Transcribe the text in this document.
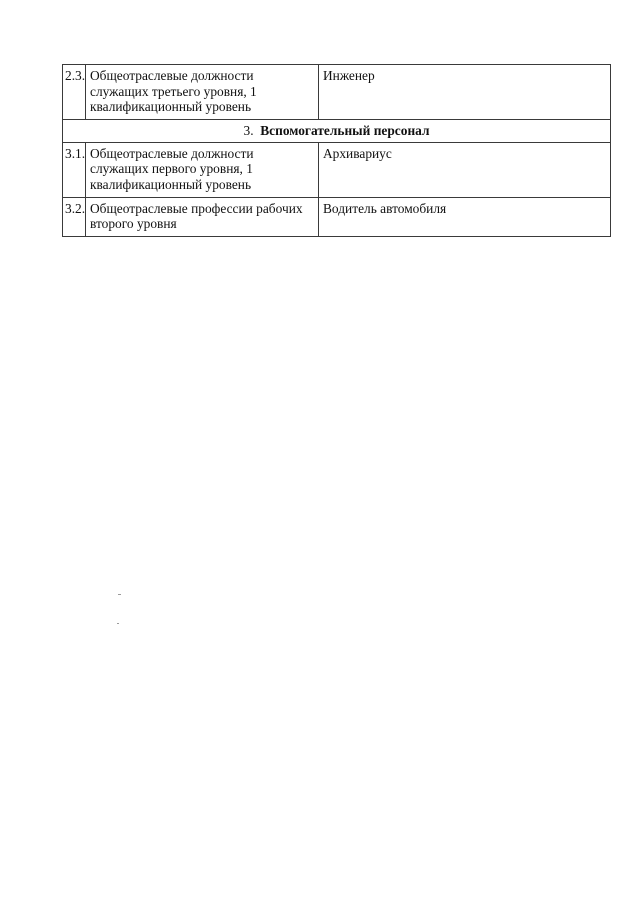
2.3.	Общеотраслевые должности служащих третьего уровня, 1 квалификационный уровень	Инженер
3. Вспомогательный персонал		
3.1.	Общеотраслевые должности служащих первого уровня, 1 квалификационный уровень	Архивариус
3.2.	Общеотраслевые профессии рабочих второго уровня	Водитель автомобиля
